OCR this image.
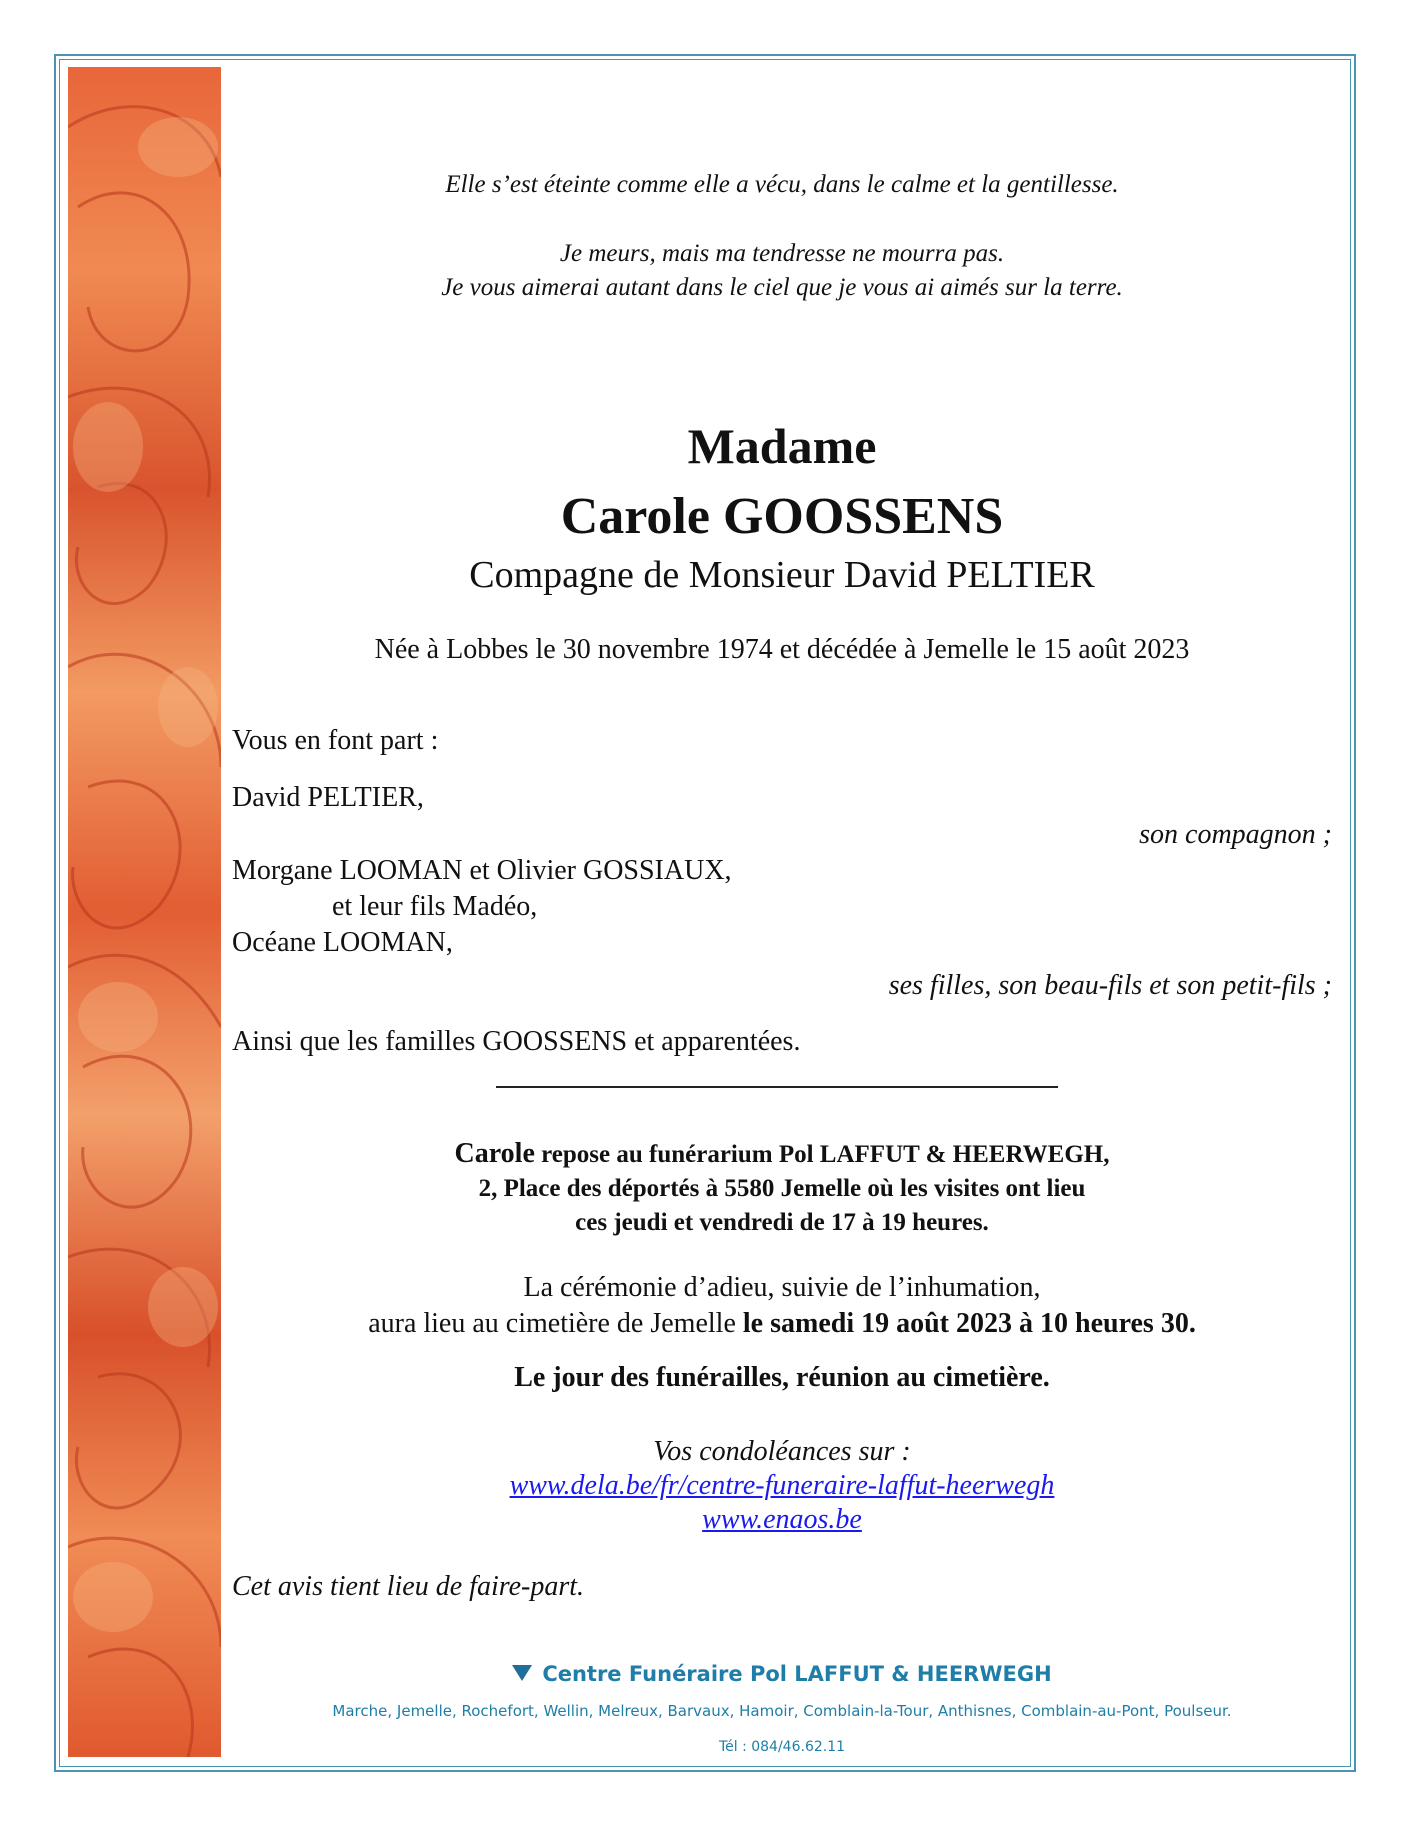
Elle s’est éteinte comme elle a vécu, dans le calme et la gentillesse.

Je meurs, mais ma tendresse ne mourra pas.

Je vous aimerai autant dans le ciel que je vous ai aimés sur la terre.

Madame
Carole GOOSSENS
Compagne de Monsieur David PELTIER
Née à Lobbes le 30 novembre 1974 et décédée à Jemelle le 15 août 2023
Vous en font part :
David PELTIER,
son compagnon ;
Morgane LOOMAN et Olivier GOSSIAUX,
et leur fils Madéo,
Océane LOOMAN,
ses filles, son beau-fils et son petit-fils ;
Ainsi que les familles GOOSSENS et apparentées.

Carole repose au funérarium Pol LAFFUT & HEERWEGH,

2, Place des déportés à 5580 Jemelle où les visites ont lieu

ces jeudi et vendredi de 17 à 19 heures.

La cérémonie d’adieu, suivie de l’inhumation,

aura lieu au cimetière de Jemelle le samedi 19 août 2023 à 10 heures 30.

Le jour des funérailles, réunion au cimetière.

Vos condoléances sur :

www.dela.be/fr/centre-funeraire-laffut-heerwegh

www.enaos.be

Cet avis tient lieu de faire-part.
Centre Funéraire Pol LAFFUT & HEERWEGH
Marche, Jemelle, Rochefort, Wellin, Melreux, Barvaux, Hamoir, Comblain-la-Tour, Anthisnes, Comblain-au-Pont, Poulseur.
Tél : 084/46.62.11
